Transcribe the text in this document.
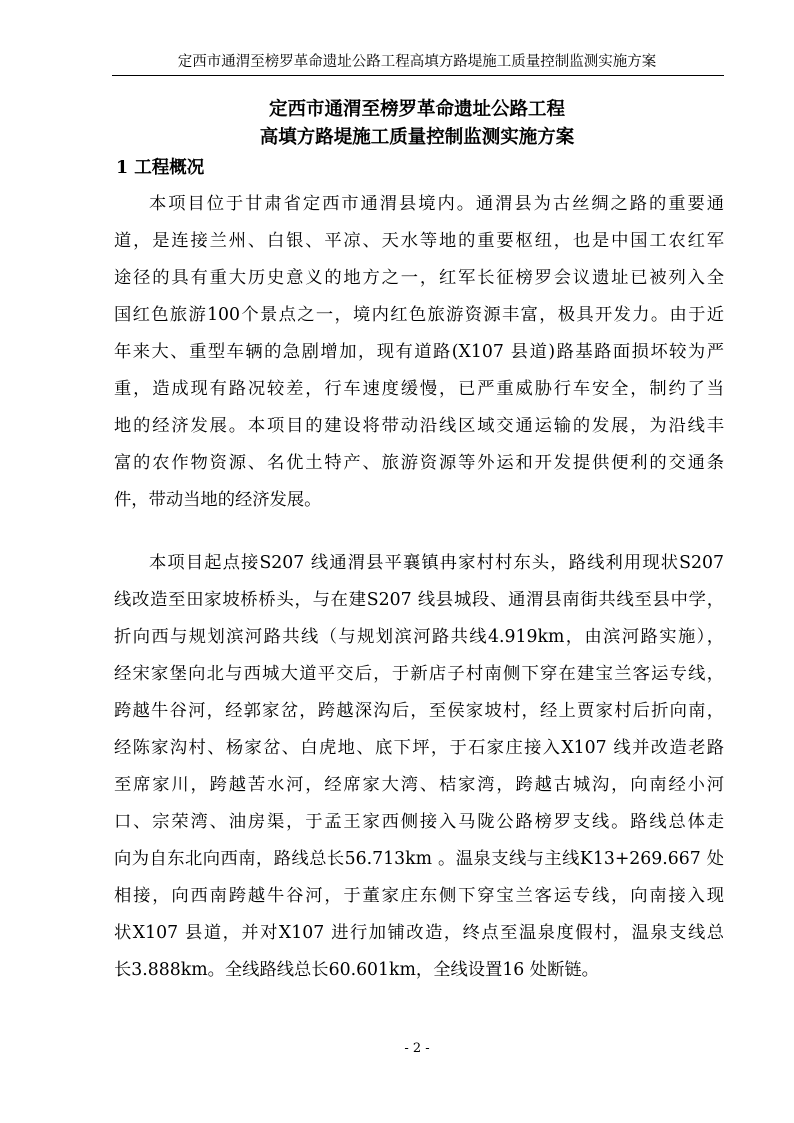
定西市通渭至榜罗革命遗址公路工程高填方路堤施工质量控制监测实施方案
定西市通渭至榜罗革命遗址公路工程
高填方路堤施工质量控制监测实施方案
1 工程概况
本项目位于甘肃省定西市通渭县境内。通渭县为古丝绸之路的重要通
道，是连接兰州、白银、平凉、天水等地的重要枢纽，也是中国工农红军
途径的具有重大历史意义的地方之一，红军长征榜罗会议遗址已被列入全
国红色旅游100个景点之一，境内红色旅游资源丰富，极具开发力。由于近
年来大、重型车辆的急剧增加，现有道路(X107 县道)路基路面损坏较为严
重，造成现有路况较差，行车速度缓慢，已严重威胁行车安全，制约了当
地的经济发展。本项目的建设将带动沿线区域交通运输的发展，为沿线丰
富的农作物资源、名优土特产、旅游资源等外运和开发提供便利的交通条
件，带动当地的经济发展。
本项目起点接S207 线通渭县平襄镇冉家村村东头，路线利用现状S207
线改造至田家坡桥桥头，与在建S207 线县城段、通渭县南街共线至县中学，
折向西与规划滨河路共线（与规划滨河路共线4.919km，由滨河路实施），
经宋家堡向北与西城大道平交后，于新店子村南侧下穿在建宝兰客运专线，
跨越牛谷河，经郭家岔，跨越深沟后，至侯家坡村，经上贾家村后折向南，
经陈家沟村、杨家岔、白虎地、底下坪，于石家庄接入X107 线并改造老路
至席家川，跨越苦水河，经席家大湾、桔家湾，跨越古城沟，向南经小河
口、宗荣湾、油房渠，于孟王家西侧接入马陇公路榜罗支线。路线总体走
向为自东北向西南，路线总长56.713km 。温泉支线与主线K13+269.667 处
相接，向西南跨越牛谷河，于董家庄东侧下穿宝兰客运专线，向南接入现
状X107 县道，并对X107 进行加铺改造，终点至温泉度假村，温泉支线总
长3.888km。全线路线总长60.601km，全线设置16 处断链。
- 2 -
